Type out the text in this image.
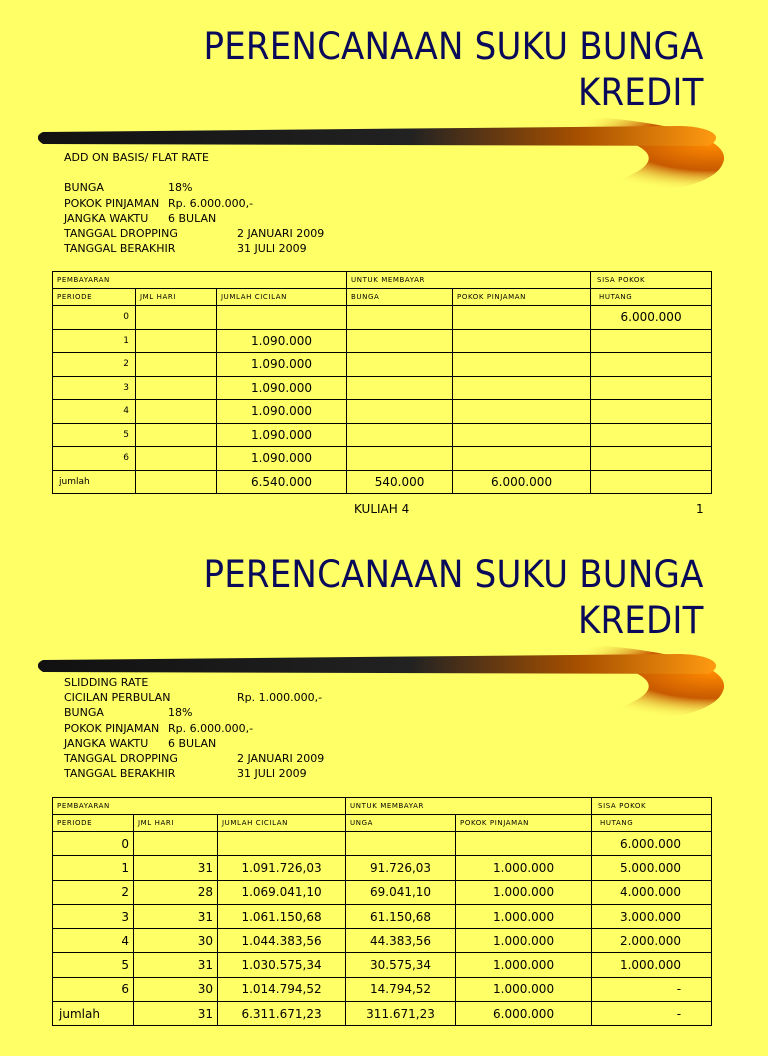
PERENCANAAN SUKU BUNGA
KREDIT
ADD ON BASIS/ FLAT RATE
BUNGA	18%
POKOK PINJAMAN Rp. 6.000.000,-
JANGKA WAKTU 6 BULAN
TANGGAL DROPPING	2 JANUARI 2009
TANGGAL BERAKHIR	31 JULI 2009
PEMBAYARAN			UNTUK MEMBAYAR		SISA POKOK
PERIODE	JML HARI	JUMLAH CICILAN	BUNGA	POKOK PINJAMAN	HUTANG
0					6.000.000
1		1.090.000			
2		1.090.000			
3		1.090.000			
4		1.090.000			
5		1.090.000			
6		1.090.000			
jumlah		6.540.000	540.000	6.000.000	
KULIAH 4	1
PERENCANAAN SUKU BUNGA
KREDIT
SLIDDING RATE
CICILAN PERBULAN	Rp. 1.000.000,-
BUNGA	18%
POKOK PINJAMAN Rp. 6.000.000,-
JANGKA WAKTU 6 BULAN
TANGGAL DROPPING	2 JANUARI 2009
TANGGAL BERAKHIR	31 JULI 2009
PEMBAYARAN			UNTUK MEMBAYAR		SISA POKOK
PERIODE	JML HARI	JUMLAH CICILAN	UNGA	POKOK PINJAMAN	HUTANG
0					6.000.000
1	31	1.091.726,03	91.726,03	1.000.000	5.000.000
2	28	1.069.041,10	69.041,10	1.000.000	4.000.000
3	31	1.061.150,68	61.150,68	1.000.000	3.000.000
4	30	1.044.383,56	44.383,56	1.000.000	2.000.000
5	31	1.030.575,34	30.575,34	1.000.000	1.000.000
6	30	1.014.794,52	14.794,52	1.000.000	-
jumlah	31	6.311.671,23	311.671,23	6.000.000	-
